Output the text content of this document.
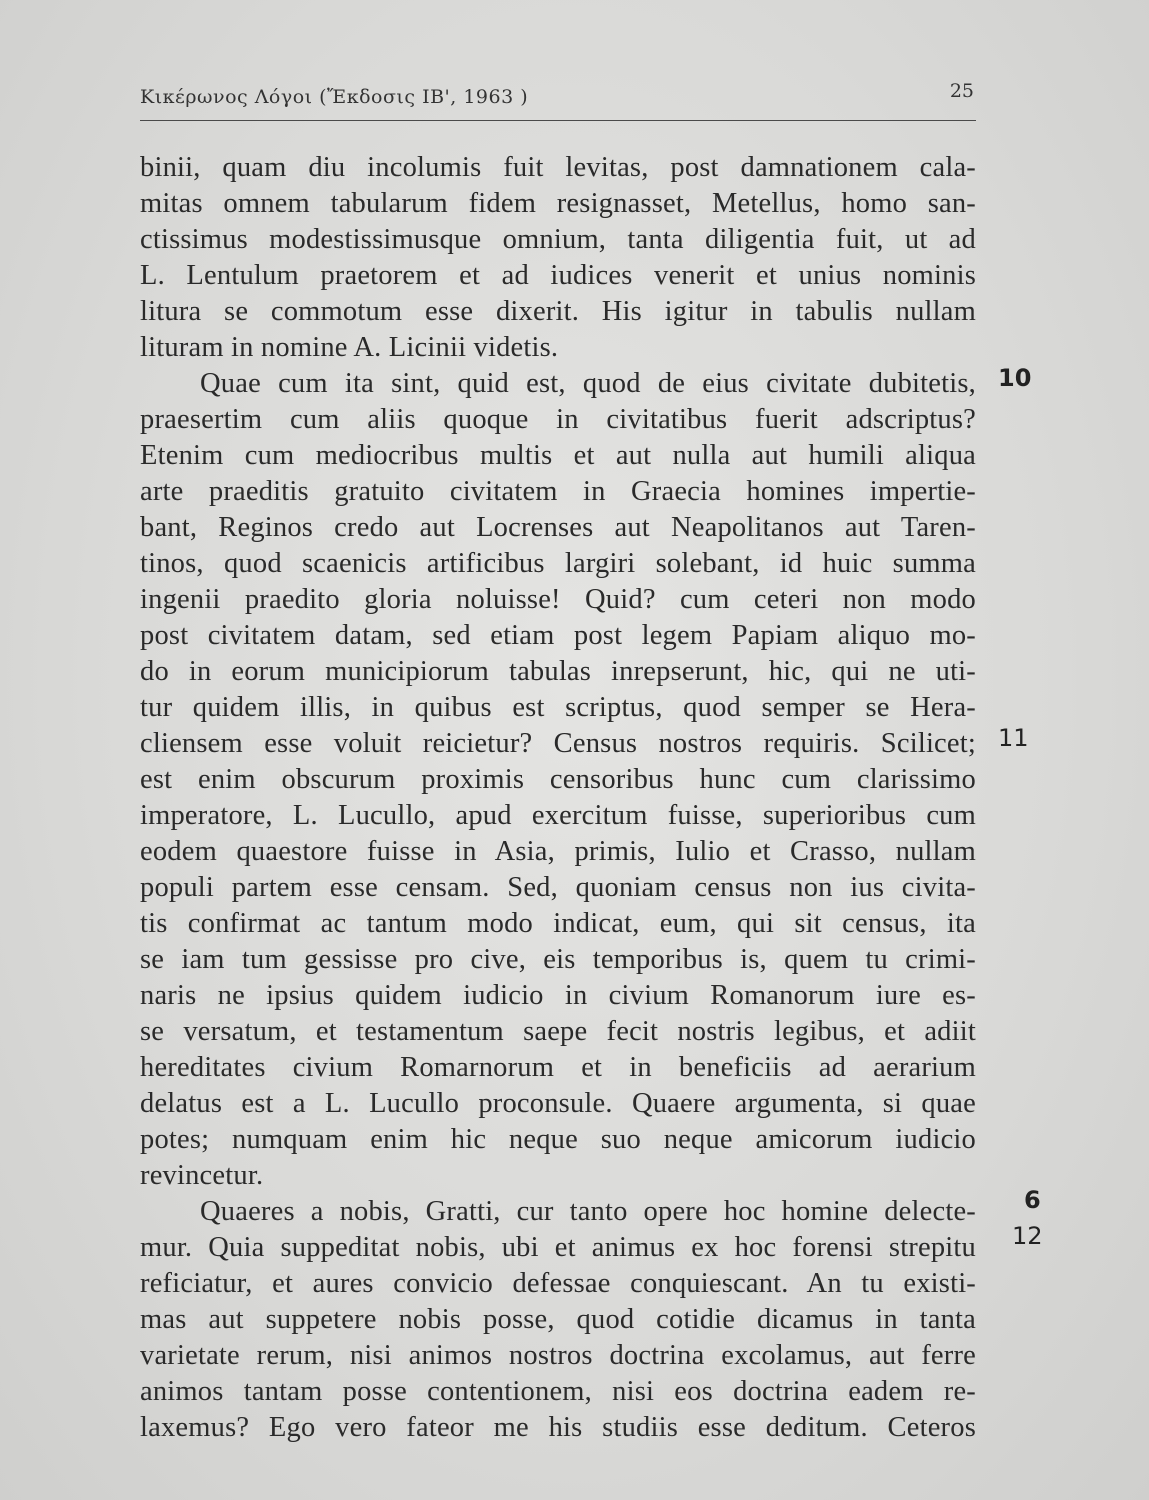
Κικέρωνος Λόγοι (Ἔκδοσις ΙΒ', 1963 )	25
binii, quam diu incolumis fuit levitas, post damnationem cala-
mitas omnem tabularum fidem resignasset, Metellus, homo san-
ctissimus modestissimusque omnium, tanta diligentia fuit, ut ad
L. Lentulum praetorem et ad iudices venerit et unius nominis
litura se commotum esse dixerit. His igitur in tabulis nullam
lituram in nomine A. Licinii videtis.
Quae cum ita sint, quid est, quod de eius civitate dubitetis,
praesertim cum aliis quoque in civitatibus fuerit adscriptus?
Etenim cum mediocribus multis et aut nulla aut humili aliqua
arte praeditis gratuito civitatem in Graecia homines impertie-
bant, Reginos credo aut Locrenses aut Neapolitanos aut Taren-
tinos, quod scaenicis artificibus largiri solebant, id huic summa
ingenii praedito gloria noluisse! Quid? cum ceteri non modo
post civitatem datam, sed etiam post legem Papiam aliquo mo-
do in eorum municipiorum tabulas inrepserunt, hic, qui ne uti-
tur quidem illis, in quibus est scriptus, quod semper se Hera-
cliensem esse voluit reicietur? Census nostros requiris. Scilicet;
est enim obscurum proximis censoribus hunc cum clarissimo
imperatore, L. Lucullo, apud exercitum fuisse, superioribus cum
eodem quaestore fuisse in Asia, primis, Iulio et Crasso, nullam
populi partem esse censam. Sed, quoniam census non ius civita-
tis confirmat ac tantum modo indicat, eum, qui sit census, ita
se iam tum gessisse pro cive, eis temporibus is, quem tu crimi-
naris ne ipsius quidem iudicio in civium Romanorum iure es-
se versatum, et testamentum saepe fecit nostris legibus, et adiit
hereditates civium Romarnorum et in beneficiis ad aerarium
delatus est a L. Lucullo proconsule. Quaere argumenta, si quae
potes; numquam enim hic neque suo neque amicorum iudicio
revincetur.
Quaeres a nobis, Gratti, cur tanto opere hoc homine delecte-
mur. Quia suppeditat nobis, ubi et animus ex hoc forensi strepitu
reficiatur, et aures convicio defessae conquiescant. An tu existi-
mas aut suppetere nobis posse, quod cotidie dicamus in tanta
varietate rerum, nisi animos nostros doctrina excolamus, aut ferre
animos tantam posse contentionem, nisi eos doctrina eadem re-
laxemus? Ego vero fateor me his studiis esse deditum. Ceteros
10
11
6
12
